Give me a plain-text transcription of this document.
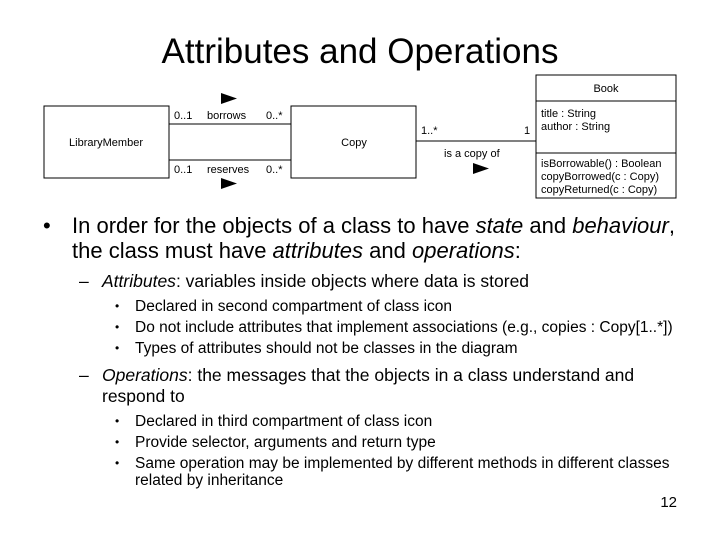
Attributes and Operations
LibraryMember	Copy
Book
title : String
author : String
isBorrowable() : Boolean
copyBorrowed(c : Copy)
copyReturned(c : Copy)
0..1 borrows 0..*
0..1 reserves 0..*
1..*	1
is a copy of
• In order for the objects of a class to have state and behaviour, the class must have attributes and operations:
– Attributes: variables inside objects where data is stored
• Declared in second compartment of class icon
• Do not include attributes that implement associations (e.g., copies : Copy[1..*])
• Types of attributes should not be classes in the diagram
– Operations: the messages that the objects in a class understand and respond to
• Declared in third compartment of class icon
• Provide selector, arguments and return type
• Same operation may be implemented by different methods in different classes related by inheritance
12
